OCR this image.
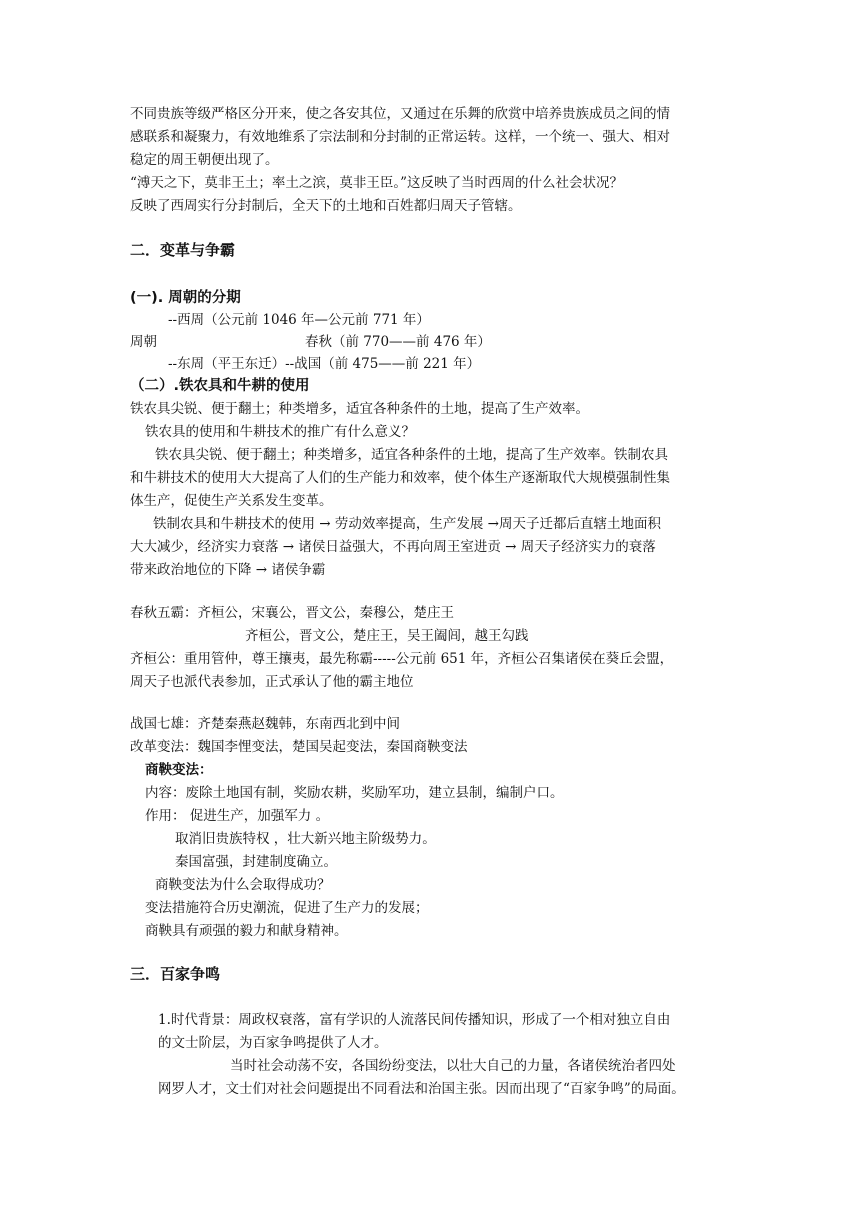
不同贵族等级严格区分开来，使之各安其位，又通过在乐舞的欣赏中培养贵族成员之间的情
感联系和凝聚力，有效地维系了宗法制和分封制的正常运转。这样，一个统一、强大、相对
稳定的周王朝便出现了。
“溥天之下，莫非王土；率土之滨，莫非王臣。”这反映了当时西周的什么社会状况？
反映了西周实行分封制后，全天下的土地和百姓都归周天子管辖。
二．变革与争霸
(一). 周朝的分期
--西周（公元前 1046 年—公元前 771 年）
周朝	春秋（前 770——前 476 年）
--东周（平王东迁）--战国（前 475——前 221 年）
（二）.铁农具和牛耕的使用
铁农具尖锐、便于翻土；种类增多，适宜各种条件的土地，提高了生产效率。
铁农具的使用和牛耕技术的推广有什么意义？
铁农具尖锐、便于翻土；种类增多，适宜各种条件的土地，提高了生产效率。铁制农具
和牛耕技术的使用大大提高了人们的生产能力和效率，使个体生产逐渐取代大规模强制性集
体生产，促使生产关系发生变革。
铁制农具和牛耕技术的使用 → 劳动效率提高，生产发展 →周天子迁都后直辖土地面积
大大减少，经济实力衰落 → 诸侯日益强大，不再向周王室进贡 → 周天子经济实力的衰落
带来政治地位的下降 → 诸侯争霸
春秋五霸：齐桓公，宋襄公，晋文公，秦穆公，楚庄王
齐桓公，晋文公，楚庄王，吴王阖闾，越王勾践
齐桓公：重用管仲，尊王攘夷，最先称霸-----公元前 651 年，齐桓公召集诸侯在葵丘会盟，
周天子也派代表参加，正式承认了他的霸主地位
战国七雄：齐楚秦燕赵魏韩，东南西北到中间
改革变法：魏国李悝变法，楚国吴起变法，秦国商鞅变法
商鞅变法：
内容：废除土地国有制，奖励农耕，奖励军功，建立县制，编制户口。
作用： 促进生产，加强军力 。
取消旧贵族特权 ，壮大新兴地主阶级势力。
秦国富强，封建制度确立。
商鞅变法为什么会取得成功？
变法措施符合历史潮流，促进了生产力的发展；
商鞅具有顽强的毅力和献身精神。
三．百家争鸣
1.时代背景：周政权衰落，富有学识的人流落民间传播知识，形成了一个相对独立自由
的文士阶层，为百家争鸣提供了人才。
当时社会动荡不安，各国纷纷变法，以壮大自己的力量，各诸侯统治者四处
网罗人才，文士们对社会问题提出不同看法和治国主张。因而出现了“百家争鸣”的局面。
